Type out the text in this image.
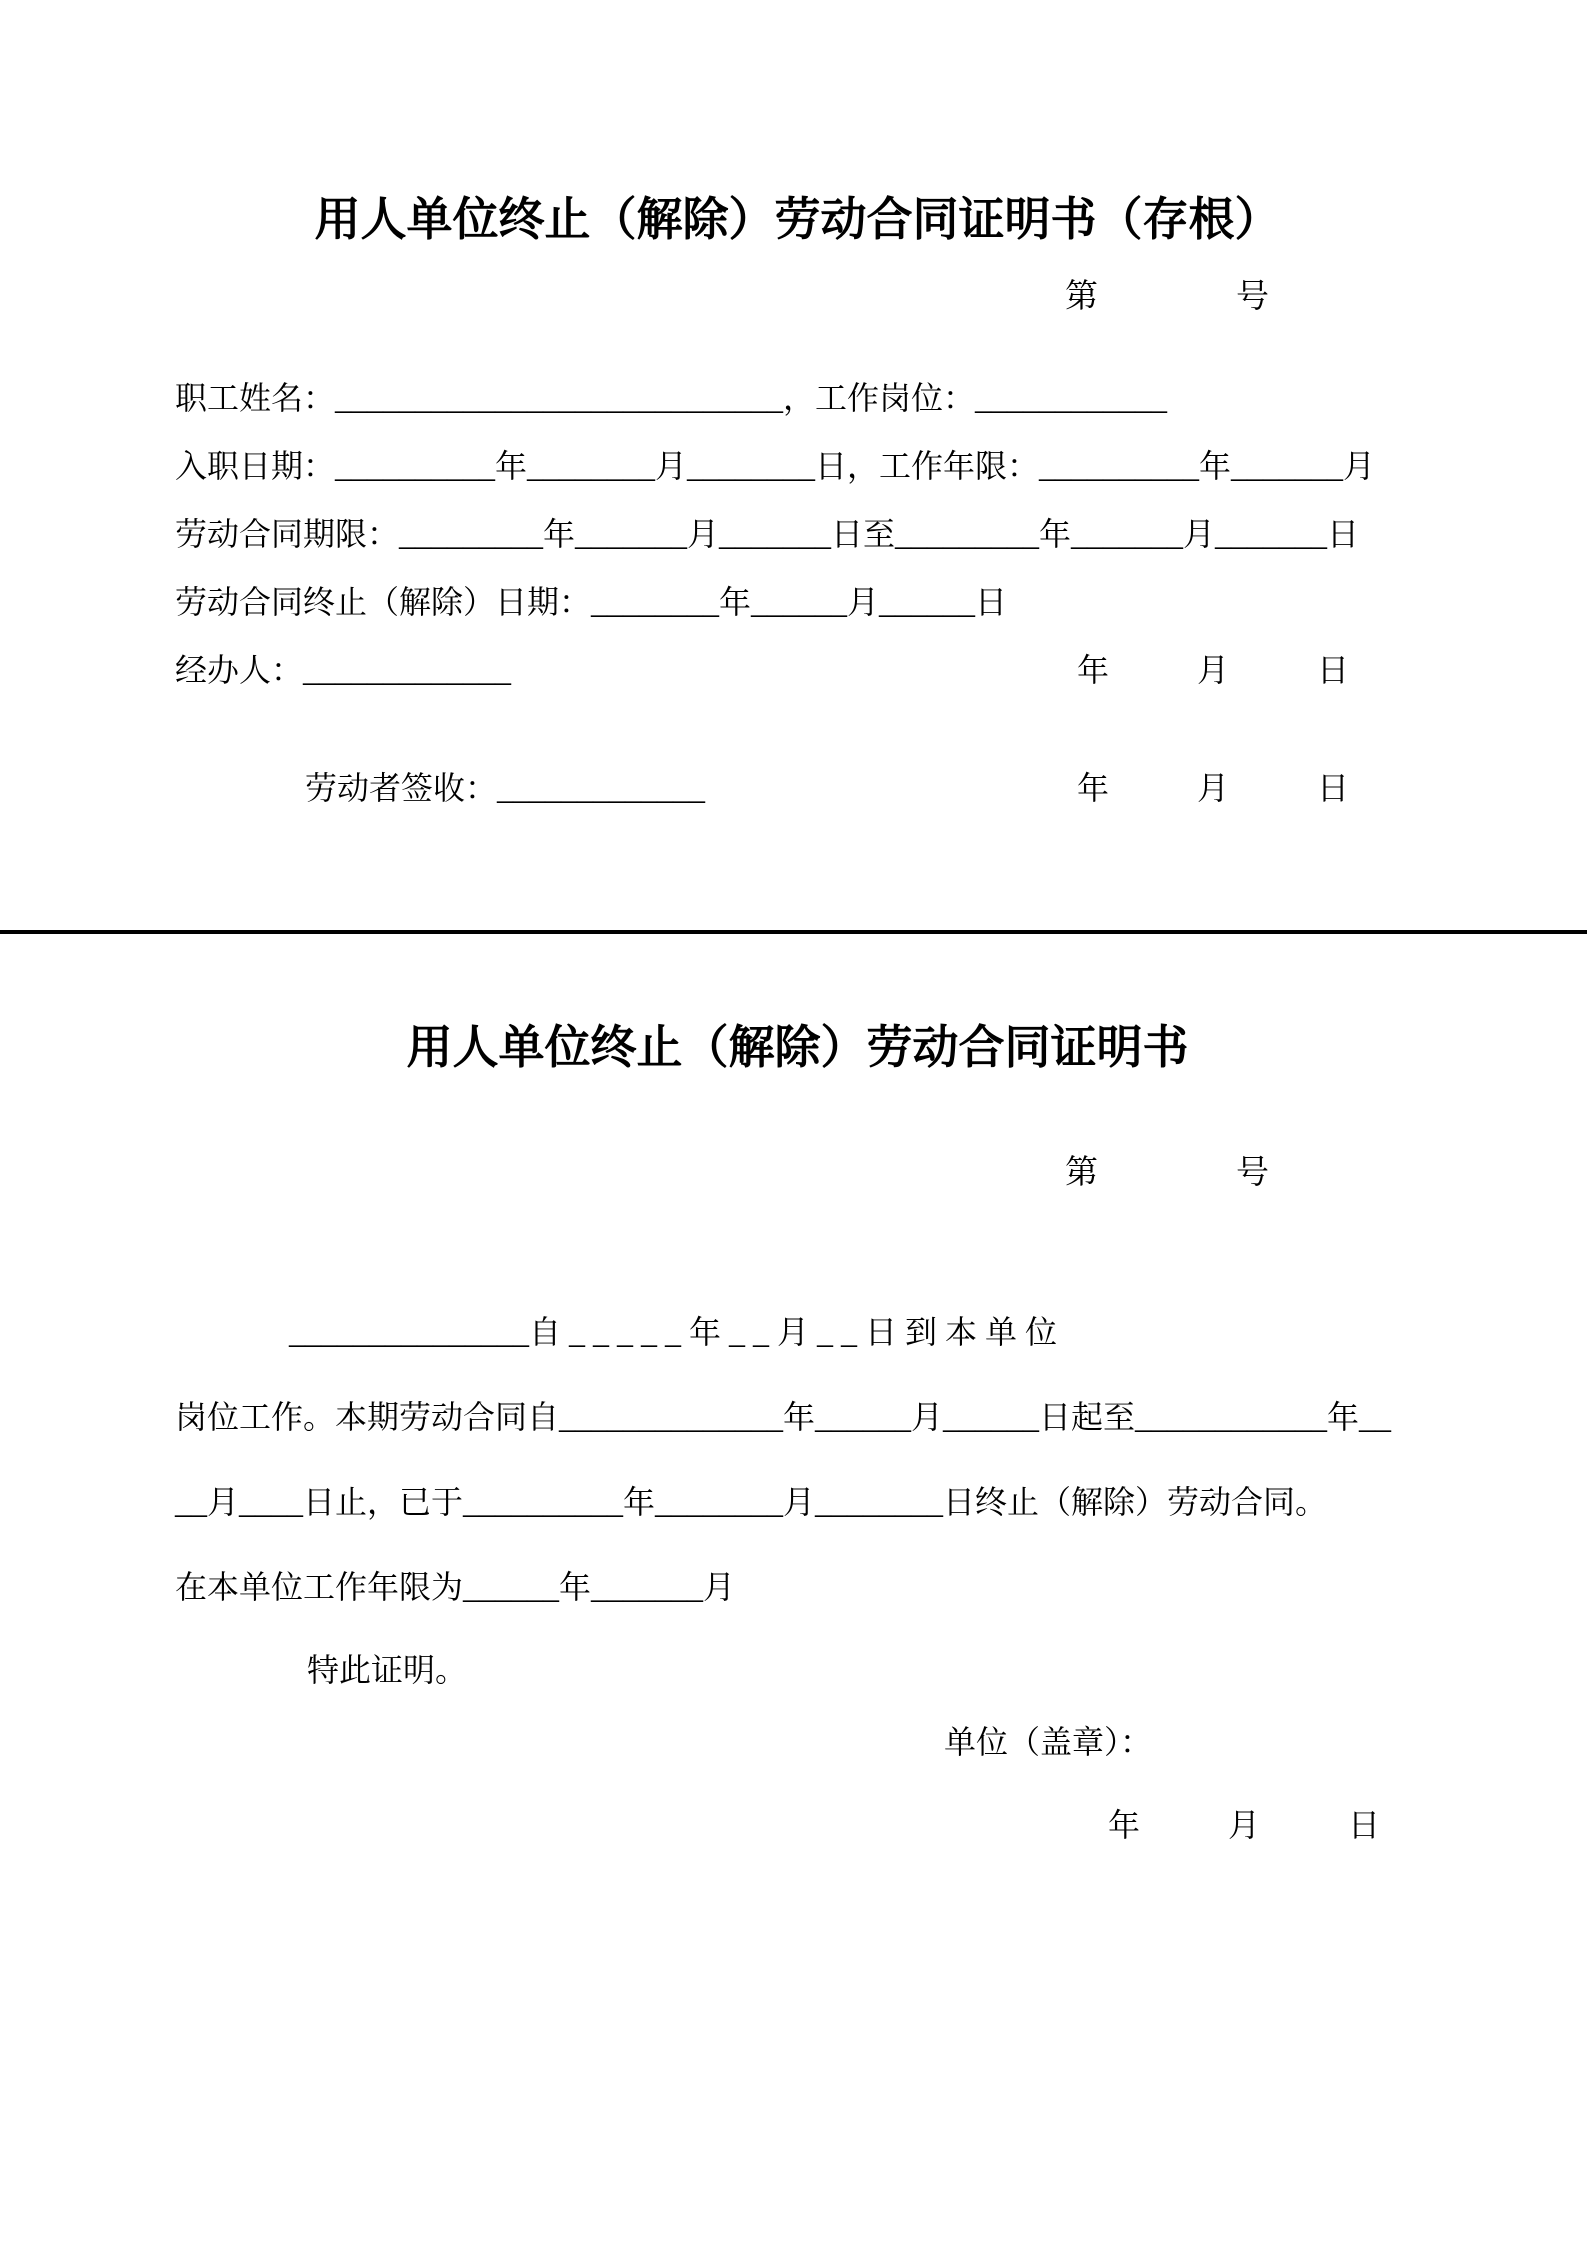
用人单位终止（解除）劳动合同证明书（存根）
第	号
职工姓名：____________________________，工作岗位：____________
入职日期：__________年________月________日，工作年限：__________年_______月
劳动合同期限：_________年_______月_______日至_________年_______月_______日
劳动合同终止（解除）日期：________年______月______日
经办人：_____________	年	月	日
劳动者签收：_____________	年	月	日
用人单位终止（解除）劳动合同证明书
第	号
_______________自 _ _ _ _ _ 年 _ _ 月 _ _ 日 到 本 单 位
岗位工作。本期劳动合同自______________年______月______日起至____________年__
__月____日止，已于__________年________月________日终止（解除）劳动合同。
在本单位工作年限为______年_______月
特此证明。
单位（盖章）：
年	月	日
